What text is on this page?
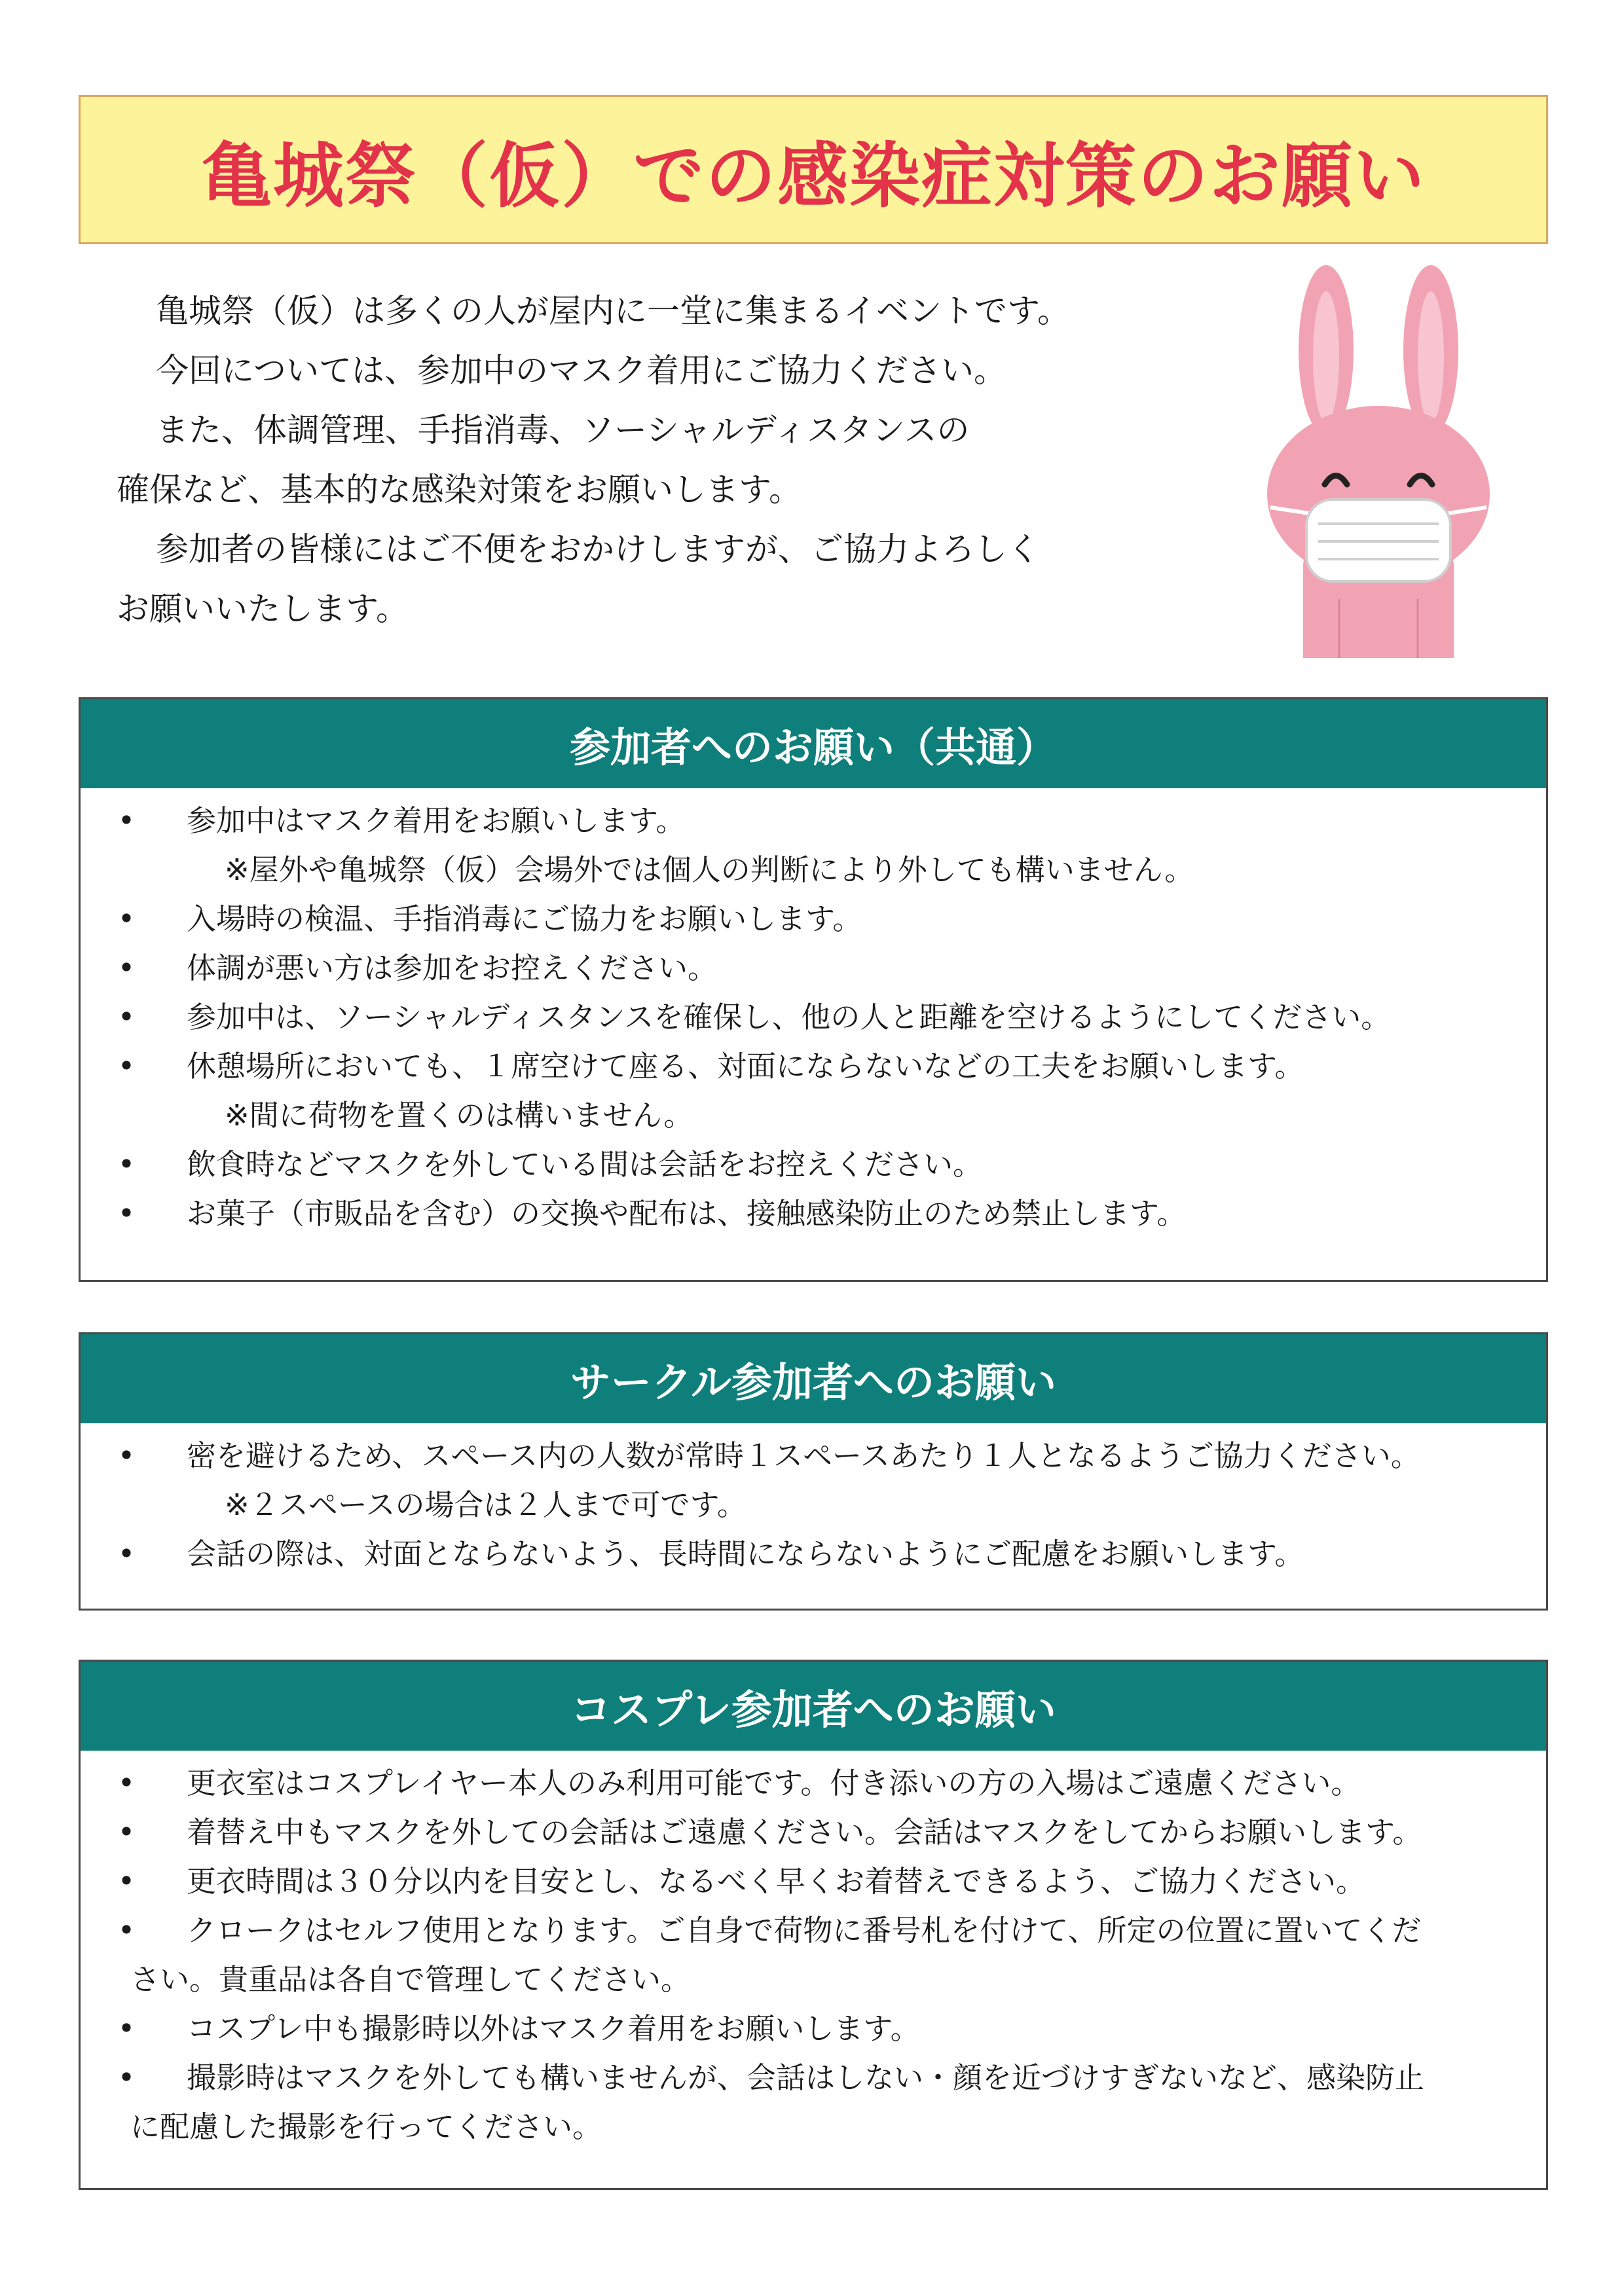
亀城祭（仮）での感染症対策のお願い

亀城祭（仮）は多くの人が屋内に一堂に集まるイベントです。

今回については、参加中のマスク着用にご協力ください。

また、体調管理、手指消毒、ソーシャルディスタンスの

確保など、基本的な感染対策をお願いします。

参加者の皆様にはご不便をおかけしますが、ご協力よろしく

お願いいたします。

参加者へのお願い（共通）
•	参加中はマスク着用をお願いします。
※屋外や亀城祭（仮）会場外では個人の判断により外しても構いません。
•	入場時の検温、手指消毒にご協力をお願いします。
•	体調が悪い方は参加をお控えください。
•	参加中は、ソーシャルディスタンスを確保し、他の人と距離を空けるようにしてください。
•	休憩場所においても、１席空けて座る、対面にならないなどの工夫をお願いします。
※間に荷物を置くのは構いません。
•	飲食時などマスクを外している間は会話をお控えください。
•	お菓子（市販品を含む）の交換や配布は、接触感染防止のため禁止します。
サークル参加者へのお願い
•	密を避けるため、スペース内の人数が常時１スペースあたり１人となるようご協力ください。
※２スペースの場合は２人まで可です。
•	会話の際は、対面とならないよう、長時間にならないようにご配慮をお願いします。
コスプレ参加者へのお願い
•	更衣室はコスプレイヤー本人のみ利用可能です。付き添いの方の入場はご遠慮ください。
•	着替え中もマスクを外しての会話はご遠慮ください。会話はマスクをしてからお願いします。
•	更衣時間は３０分以内を目安とし、なるべく早くお着替えできるよう、ご協力ください。
•	クロークはセルフ使用となります。ご自身で荷物に番号札を付けて、所定の位置に置いてくだ
さい。貴重品は各自で管理してください。
•	コスプレ中も撮影時以外はマスク着用をお願いします。
•	撮影時はマスクを外しても構いませんが、会話はしない・顔を近づけすぎないなど、感染防止
に配慮した撮影を行ってください。
